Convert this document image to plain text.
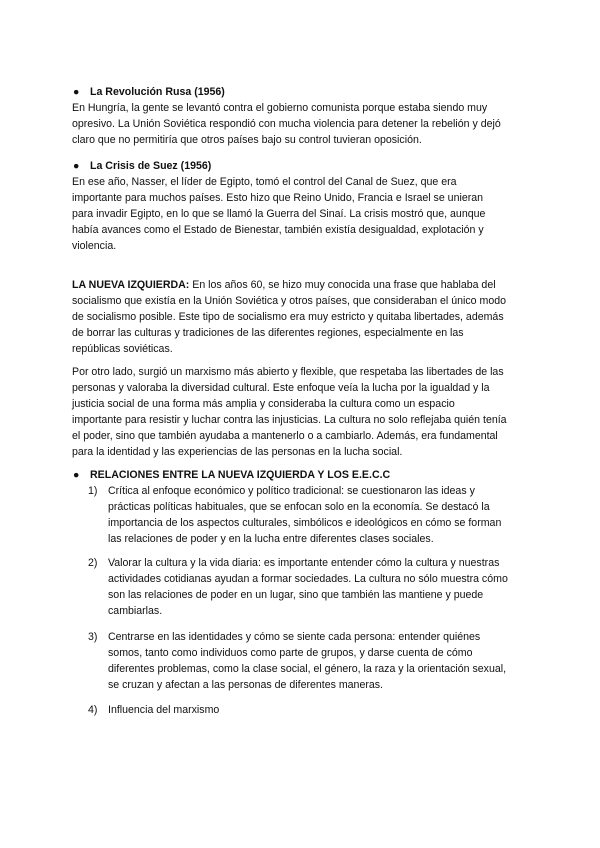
● La Revolución Rusa (1956)

En Hungría, la gente se levantó contra el gobierno comunista porque estaba siendo muy
opresivo. La Unión Soviética respondió con mucha violencia para detener la rebelión y dejó
claro que no permitiría que otros países bajo su control tuvieran oposición.

● La Crisis de Suez (1956)

En ese año, Nasser, el líder de Egipto, tomó el control del Canal de Suez, que era
importante para muchos países. Esto hizo que Reino Unido, Francia e Israel se unieran
para invadir Egipto, en lo que se llamó la Guerra del Sinaí. La crisis mostró que, aunque
había avances como el Estado de Bienestar, también existía desigualdad, explotación y
violencia.

LA NUEVA IZQUIERDA: En los años 60, se hizo muy conocida una frase que hablaba del
socialismo que existía en la Unión Soviética y otros países, que consideraban el único modo
de socialismo posible. Este tipo de socialismo era muy estricto y quitaba libertades, además
de borrar las culturas y tradiciones de las diferentes regiones, especialmente en las
repúblicas soviéticas.

Por otro lado, surgió un marxismo más abierto y flexible, que respetaba las libertades de las
personas y valoraba la diversidad cultural. Este enfoque veía la lucha por la igualdad y la
justicia social de una forma más amplia y consideraba la cultura como un espacio
importante para resistir y luchar contra las injusticias. La cultura no solo reflejaba quién tenía
el poder, sino que también ayudaba a mantenerlo o a cambiarlo. Además, era fundamental
para la identidad y las experiencias de las personas en la lucha social.

● RELACIONES ENTRE LA NUEVA IZQUIERDA Y LOS E.E.C.C
1) Crítica al enfoque económico y político tradicional: se cuestionaron las ideas y
prácticas políticas habituales, que se enfocan solo en la economía. Se destacó la
importancia de los aspectos culturales, simbólicos e ideológicos en cómo se forman
las relaciones de poder y en la lucha entre diferentes clases sociales.
2) Valorar la cultura y la vida diaria: es importante entender cómo la cultura y nuestras
actividades cotidianas ayudan a formar sociedades. La cultura no sólo muestra cómo
son las relaciones de poder en un lugar, sino que también las mantiene y puede
cambiarlas.
3) Centrarse en las identidades y cómo se siente cada persona: entender quiénes
somos, tanto como individuos como parte de grupos, y darse cuenta de cómo
diferentes problemas, como la clase social, el género, la raza y la orientación sexual,
se cruzan y afectan a las personas de diferentes maneras.
4) Influencia del marxismo
